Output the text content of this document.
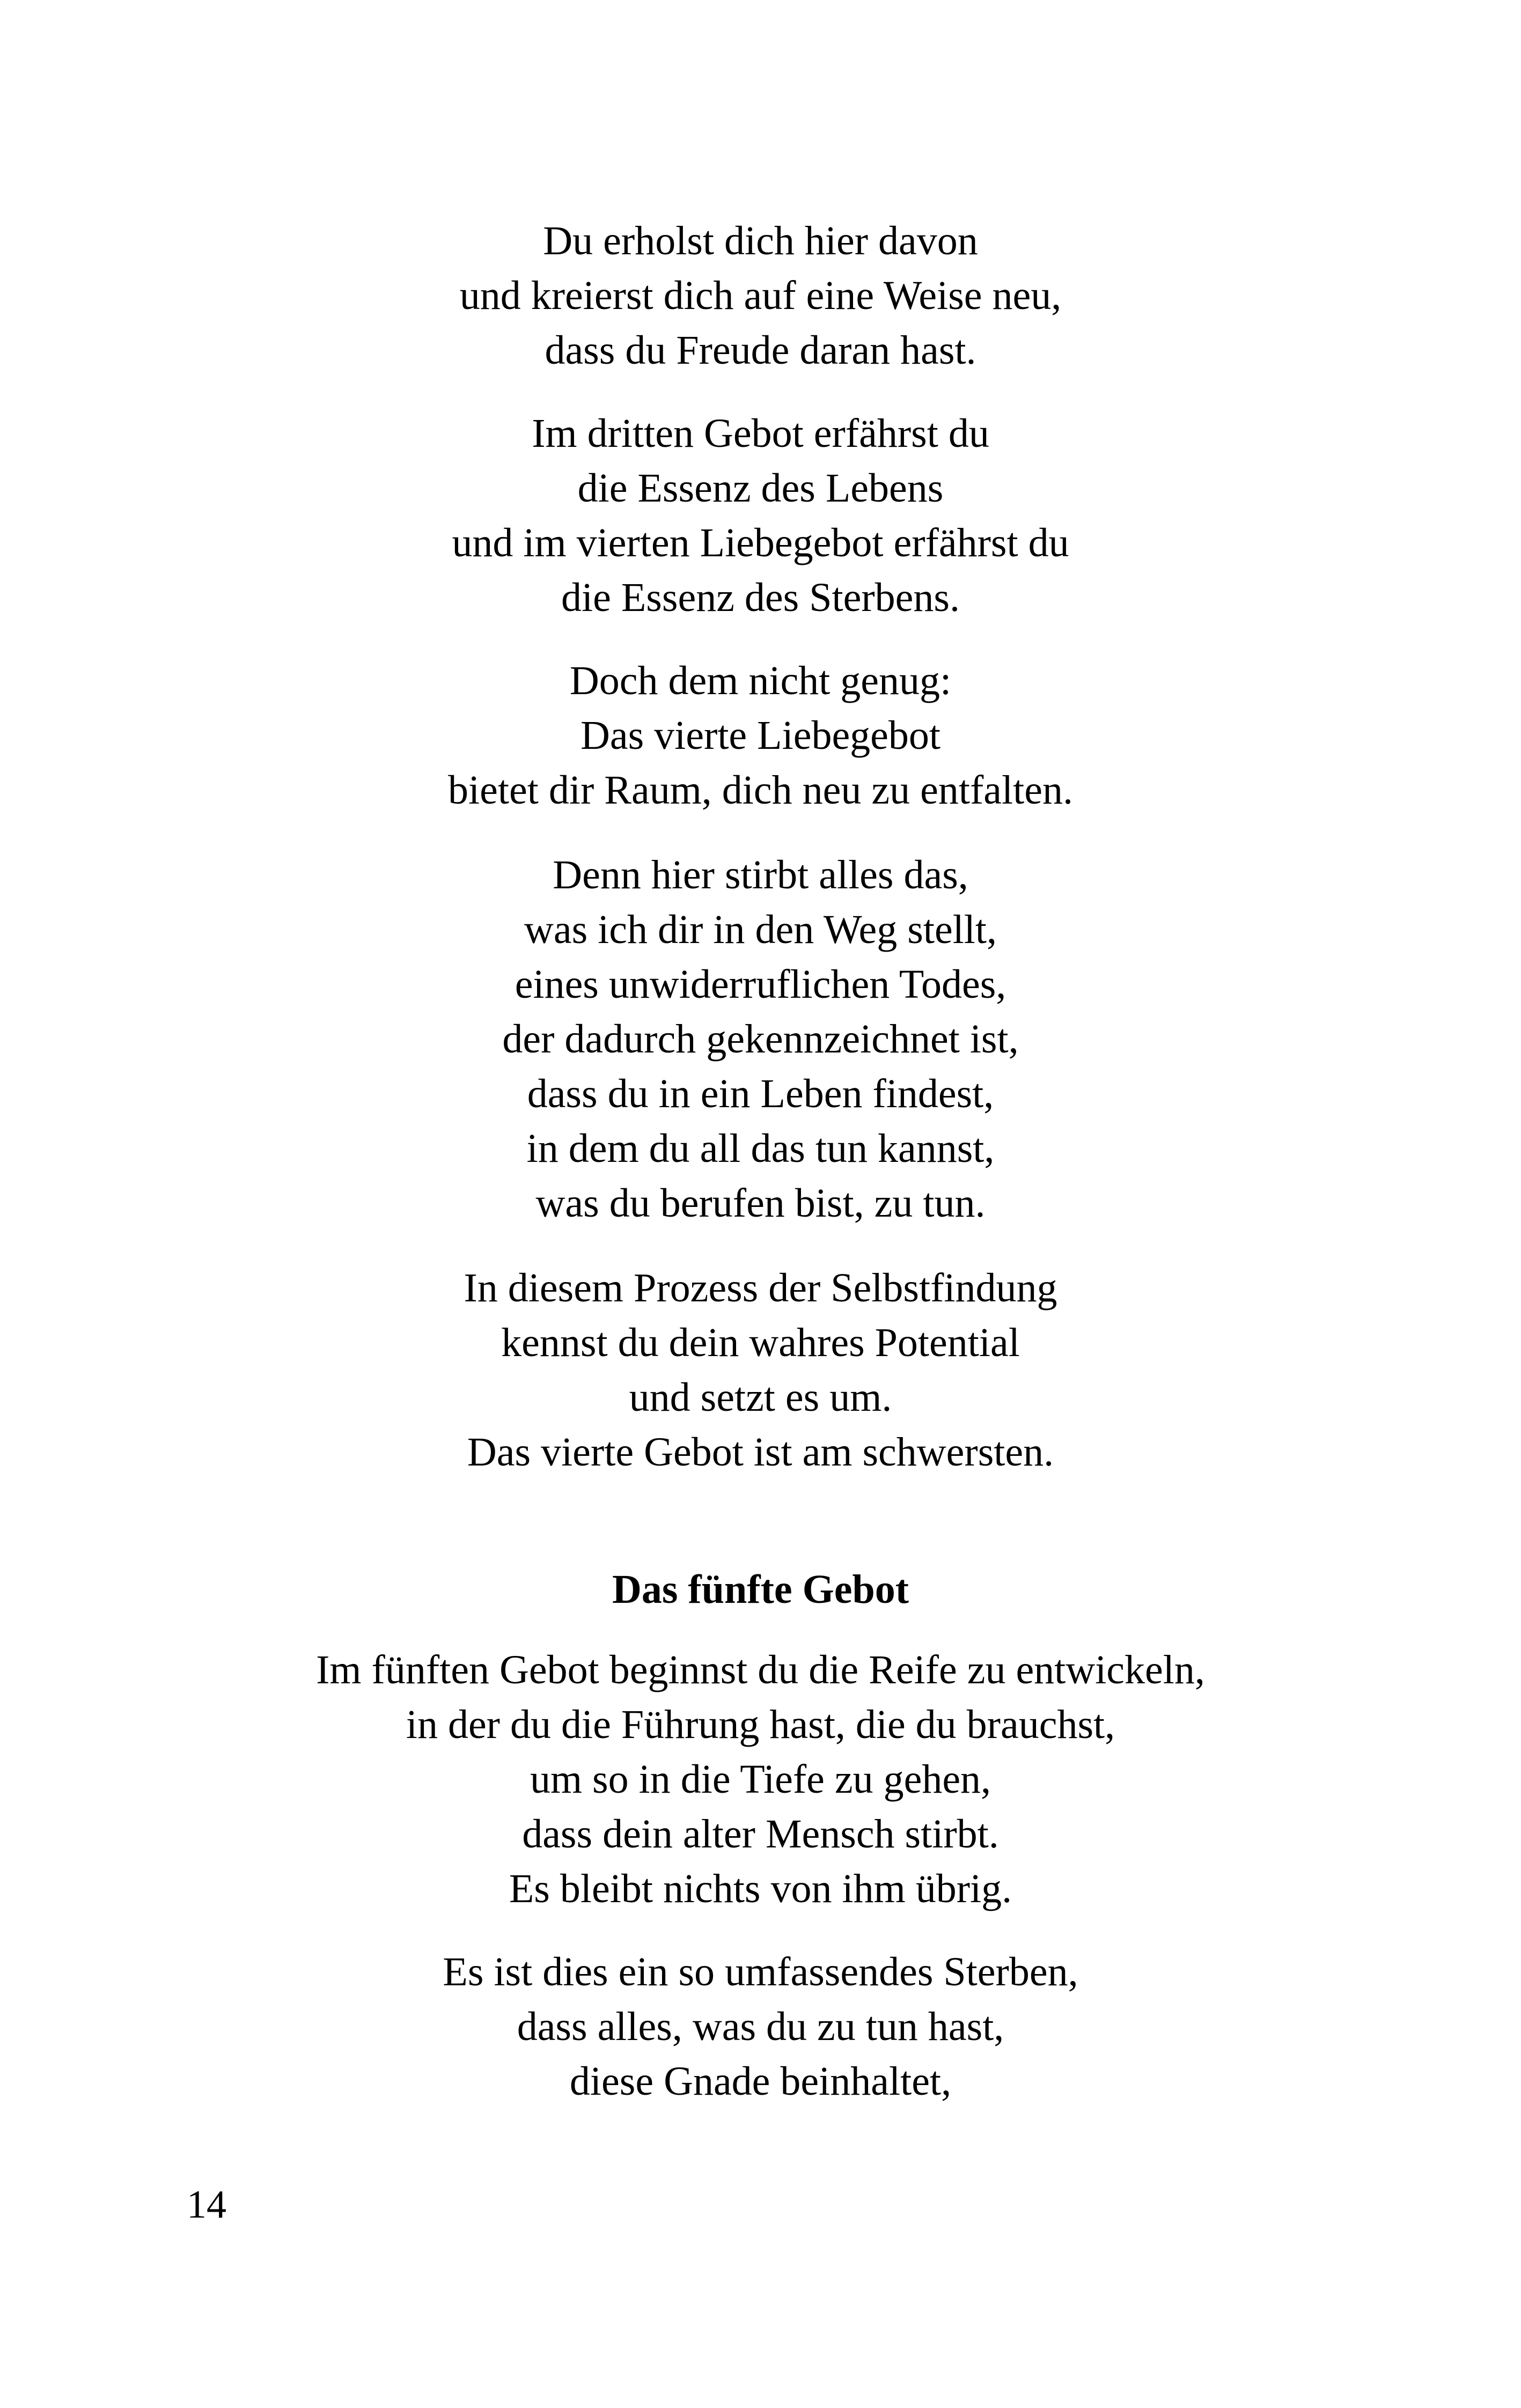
Du erholst dich hier davon
und kreierst dich auf eine Weise neu,
dass du Freude daran hast.
Im dritten Gebot erfährst du
die Essenz des Lebens
und im vierten Liebegebot erfährst du
die Essenz des Sterbens.
Doch dem nicht genug:
Das vierte Liebegebot
bietet dir Raum, dich neu zu entfalten.
Denn hier stirbt alles das,
was ich dir in den Weg stellt,
eines unwiderruflichen Todes,
der dadurch gekennzeichnet ist,
dass du in ein Leben findest,
in dem du all das tun kannst,
was du berufen bist, zu tun.
In diesem Prozess der Selbstfindung
kennst du dein wahres Potential
und setzt es um.
Das vierte Gebot ist am schwersten.
Das fünfte Gebot
Im fünften Gebot beginnst du die Reife zu entwickeln,
in der du die Führung hast, die du brauchst,
um so in die Tiefe zu gehen,
dass dein alter Mensch stirbt.
Es bleibt nichts von ihm übrig.
Es ist dies ein so umfassendes Sterben,
dass alles, was du zu tun hast,
diese Gnade beinhaltet,
14
